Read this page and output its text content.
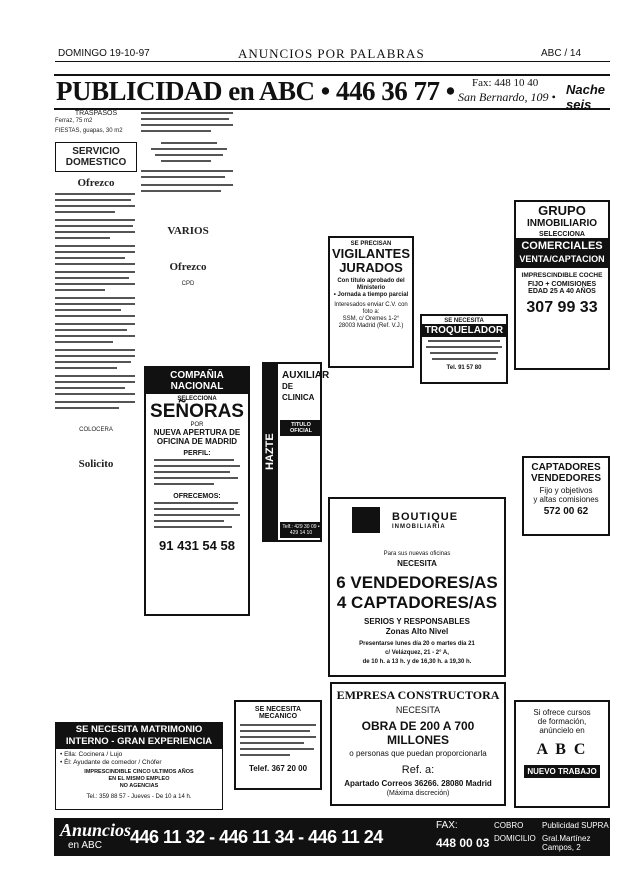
DOMINGO 19-10-97	ANUNCIOS POR PALABRAS	ABC / 14
PUBLICIDAD en ABC • 446 36 77 • Fax: 448 10 40
San Bernardo, 109 • Nache seis
TRASPASOS

Ferraz, 75 m2

FIESTAS, guapas, 30 m2

SERVICIO DOMESTICO
Ofrezco
COLOCERA
Solicito
SE NECESITA MATRIMONIO
INTERNO - GRAN EXPERIENCIA
• Ella: Cocinera / Lujo
• Él: Ayudante de comedor / Chófer
IMPRESCINDIBLE CINCO ULTIMOS AÑOS
EN EL MISMO EMPLEO
NO AGENCIAS
Tel.: 359 88 57 - Jueves - De 10 a 14 h.
VARIOS
Ofrezco
CPD
COMPAÑIA
NACIONAL
SELECCIONA
SEÑORAS
POR
NUEVA APERTURA DE
OFICINA DE MADRID
PERFIL:
OFRECEMOS:
91 431 54 58
HAZTE
AUXILIAR
DE CLINICA
TITULO OFICIAL
Telf.: 429 30 09 • 429 14 10
SE NECESITA MECANICO
Telef. 367 20 00
SE PRECISAN
VIGILANTES
JURADOS
Con título aprobado del Ministerio
• Jornada a tiempo parcial
Interesados enviar C.V. con foto a:
SSM, c/ Oremes 1-2°
28003 Madrid (Ref. V.J.)
SE NECESITA
TROQUELADOR
Tel. 91 57 80
BOUTIQUE
INMOBILIARIA
Para sus nuevas oficinas
NECESITA
6 VENDEDORES/AS
4 CAPTADORES/AS
SERIOS Y RESPONSABLES
Zonas Alto Nivel
Presentarse lunes día 20 o martes día 21
c/ Velázquez, 21 - 2° A,
de 10 h. a 13 h. y de 16,30 h. a 19,30 h.
EMPRESA CONSTRUCTORA
NECESITA
OBRA DE 200 A 700 MILLONES
o personas que puedan proporcionarla
Ref. a:
Apartado Correos 36266. 28080 Madrid
(Máxima discreción)
GRUPO
INMOBILIARIO
SELECCIONA
COMERCIALES
VENTA/CAPTACION
IMPRESCINDIBLE COCHE
FIJO + COMISIONES
EDAD 25 A 40 AÑOS
307 99 33
CAPTADORES
VENDEDORES
Fijo y objetivos
y altas comisiones
572 00 62
Si ofrece cursos
de formación,
anúncielo en
A B C
NUEVO TRABAJO
Anuncios
en ABC 446 11 32 - 446 11 34 - 446 11 24
FAX:
448 00 03
COBRO
DOMICILIO
Publicidad SUPRA
Gral.Martínez Campos, 2
